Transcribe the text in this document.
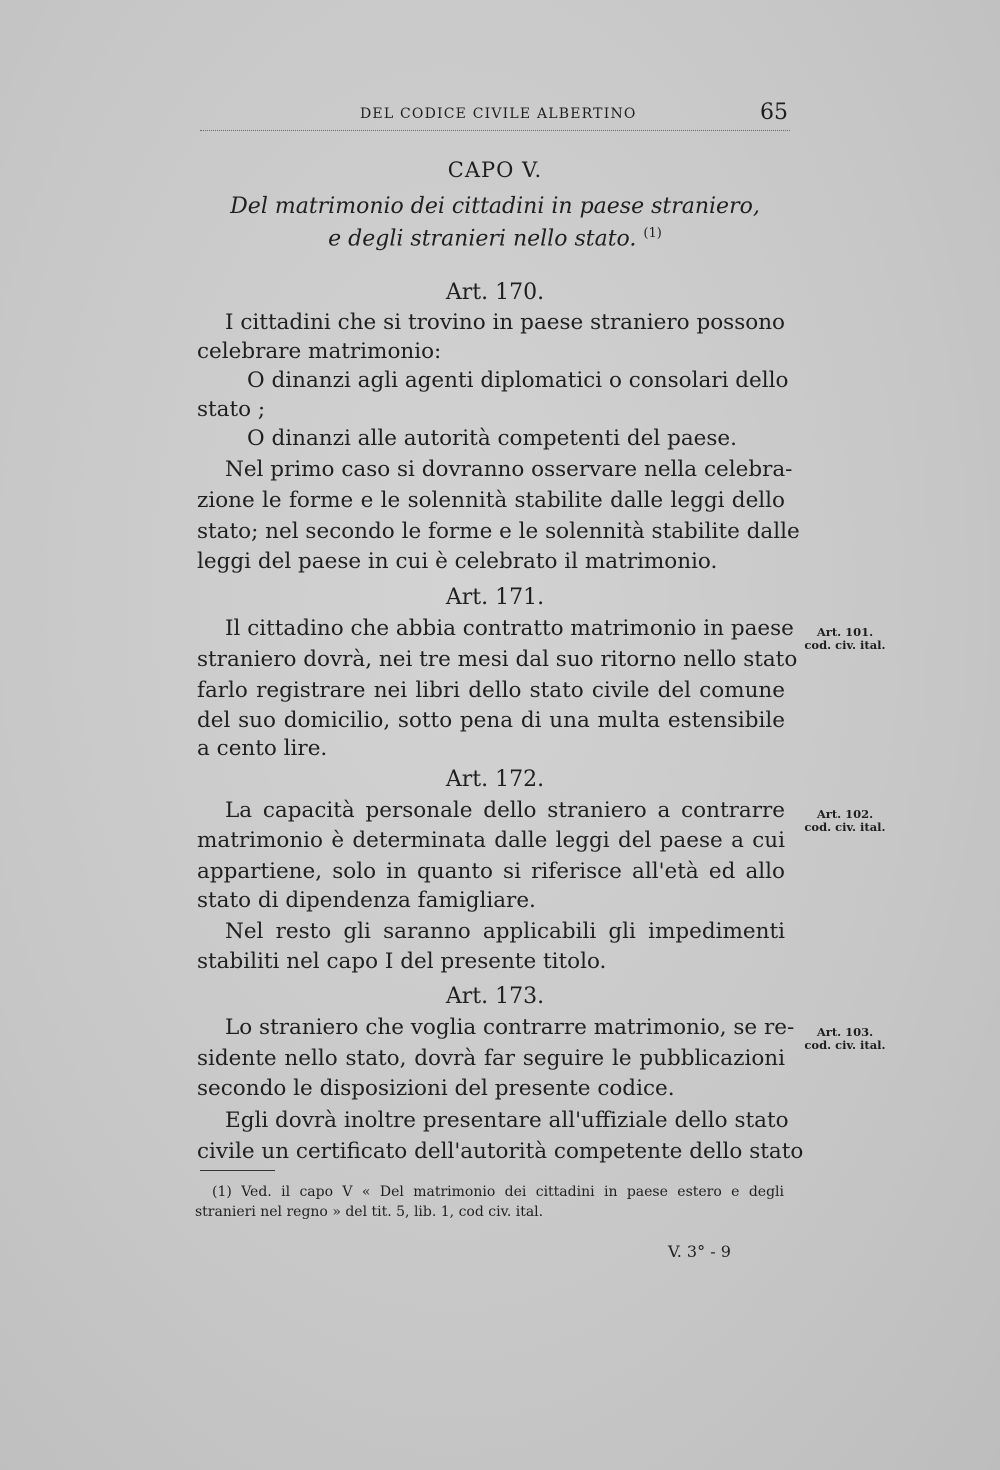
DEL CODICE CIVILE ALBERTINO	65
CAPO V.
Del matrimonio dei cittadini in paese straniero,
e degli stranieri nello stato. $^{(1)}$
Art. 170.
I cittadini che si trovino in paese straniero possono
celebrare matrimonio:
O dinanzi agli agenti diplomatici o consolari dello
stato ;
O dinanzi alle autorità competenti del paese.
Nel primo caso si dovranno osservare nella celebra-
zione le forme e le solennità stabilite dalle leggi dello
stato; nel secondo le forme e le solennità stabilite dalle
leggi del paese in cui è celebrato il matrimonio.
Art. 171.
Il cittadino che abbia contratto matrimonio in paese
straniero dovrà, nei tre mesi dal suo ritorno nello stato
farlo registrare nei libri dello stato civile del comune
del suo domicilio, sotto pena di una multa estensibile
a cento lire.
Art. 101.
cod. civ. ital.
Art. 172.
La capacità personale dello straniero a contrarre
matrimonio è determinata dalle leggi del paese a cui
appartiene, solo in quanto si riferisce all'età ed allo
stato di dipendenza famigliare.
Nel resto gli saranno applicabili gli impedimenti
stabiliti nel capo I del presente titolo.
Art. 102.
cod. civ. ital.
Art. 173.
Lo straniero che voglia contrarre matrimonio, se re-
sidente nello stato, dovrà far seguire le pubblicazioni
secondo le disposizioni del presente codice.
Egli dovrà inoltre presentare all'uffiziale dello stato
civile un certificato dell'autorità competente dello stato
Art. 103.
cod. civ. ital.
(1) Ved. il capo V « Del matrimonio dei cittadini in paese estero e degli
stranieri nel regno » del tit. 5, lib. 1, cod civ. ital.
V. 3° - 9
